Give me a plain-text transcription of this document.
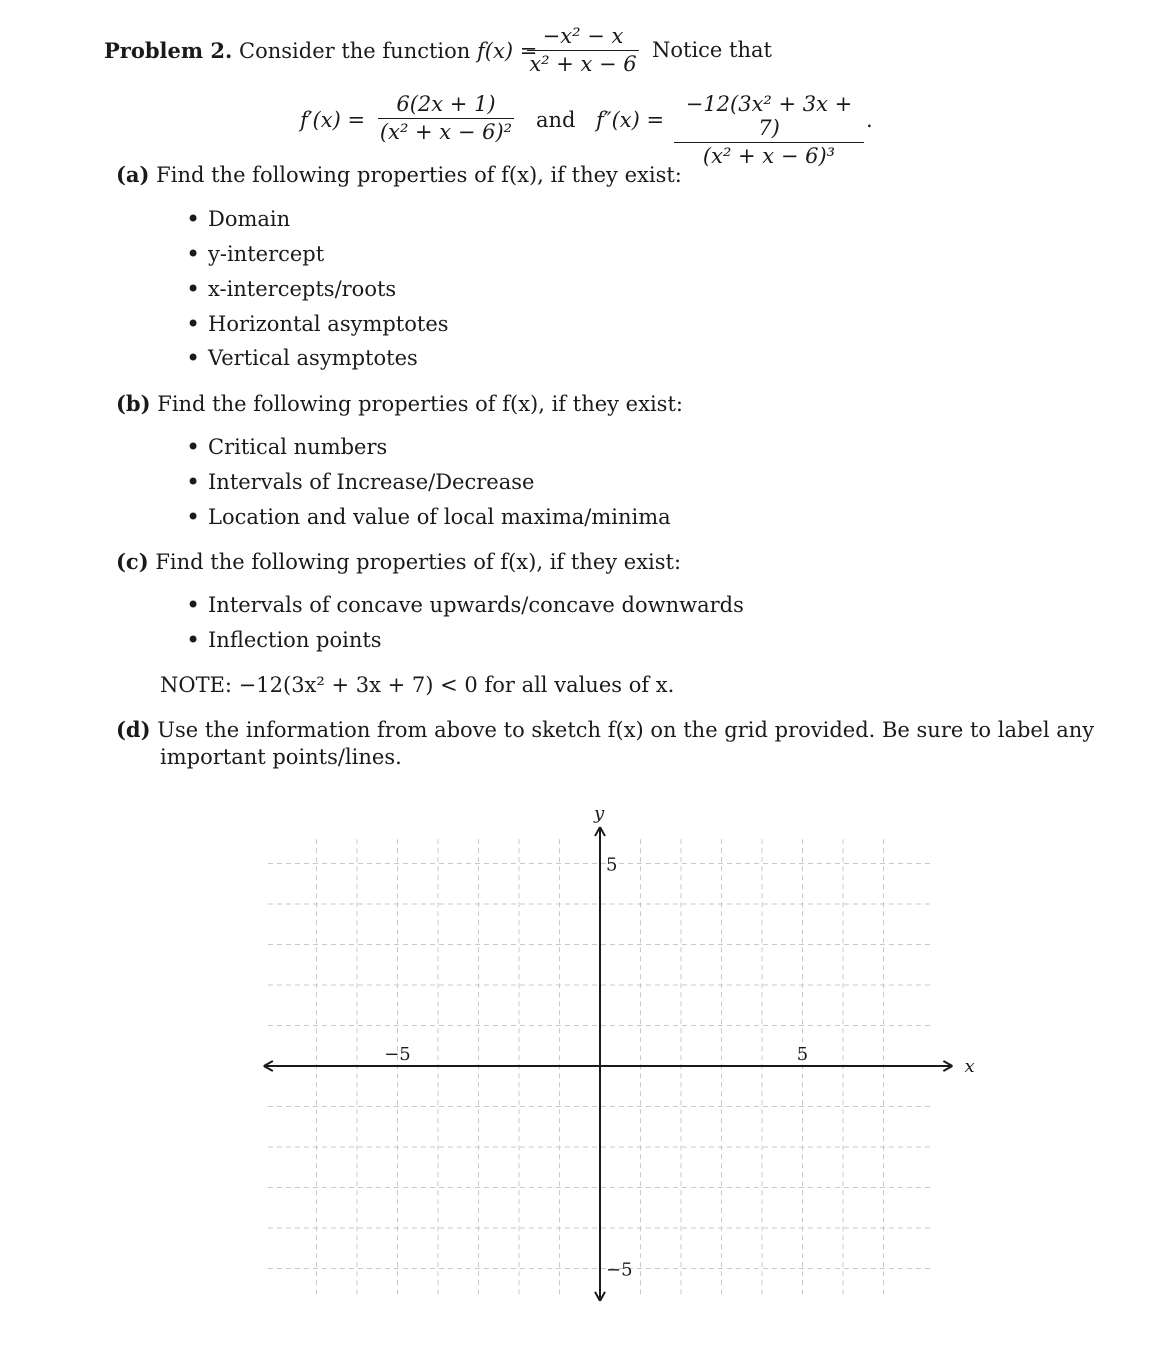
Problem 2. Consider the function f(x) =
$\frac{\text{−x² − x}}{\text{x² + x − 6}}$ Notice that
$f'(x) = \frac{6(2x + 1)}{\text{(x² + x − 6)²}}$ and $f''(x) = \frac{\text{−12(3x² + 3x + 7)}}{\text{(x² + x − 6)³}}$ .
(a) Find the following properties of f(x), if they exist:
• Domain
• y-intercept
• x-intercepts/roots
• Horizontal asymptotes
• Vertical asymptotes
(b) Find the following properties of f(x), if they exist:
• Critical numbers
• Intervals of Increase/Decrease
• Location and value of local maxima/minima
(c) Find the following properties of f(x), if they exist:
• Intervals of concave upwards/concave downwards
• Inflection points
NOTE: −12(3x² + 3x + 7) < 0 for all values of x.
(d) Use the information from above to sketch f(x) on the grid provided. Be sure to label any
important points/lines.
x
y
−5	5
5
−5
